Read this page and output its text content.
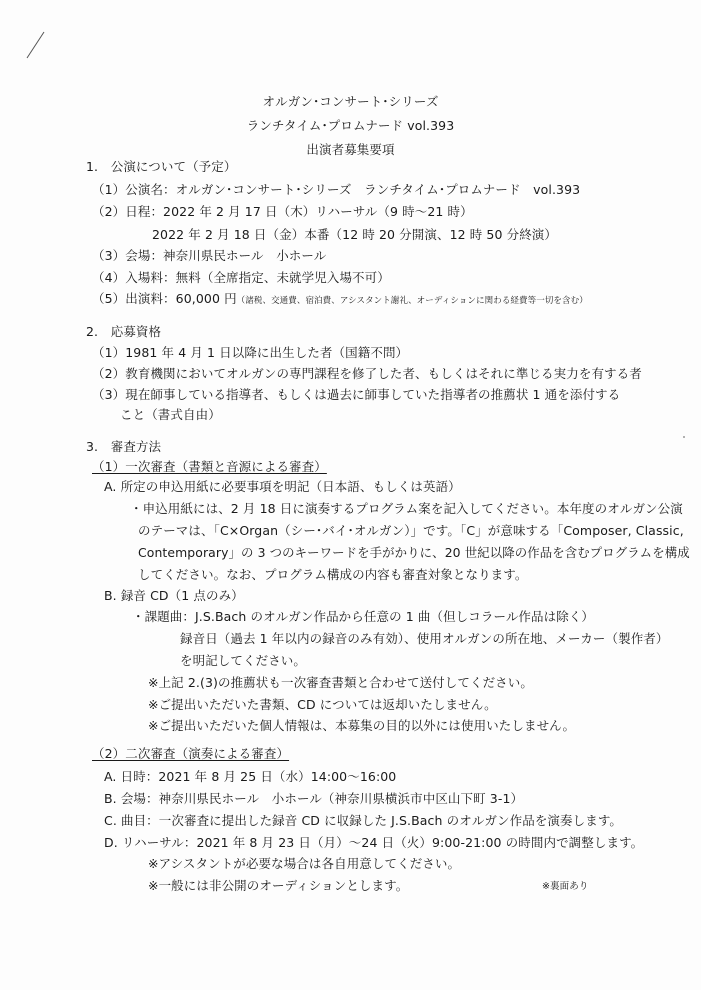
オルガン･コンサート･シリーズ
ランチタイム･プロムナード vol.393
出演者募集要項
1.　公演について（予定）
（1）公演名：オルガン･コンサート･シリーズ　ランチタイム･プロムナード　vol.393
（2）日程：2022 年 2 月 17 日（木）リハーサル（9 時～21 時）
2022 年 2 月 18 日（金）本番（12 時 20 分開演、12 時 50 分終演）
（3）会場：神奈川県民ホール　小ホール
（4）入場料：無料（全席指定、未就学児入場不可）
（5）出演料：60,000 円（諸税、交通費、宿泊費、アシスタント謝礼、オーディションに関わる経費等一切を含む）
2.　応募資格
（1）1981 年 4 月 1 日以降に出生した者（国籍不問）
（2）教育機関においてオルガンの専門課程を修了した者、もしくはそれに準じる実力を有する者
（3）現在師事している指導者、もしくは過去に師事していた指導者の推薦状 1 通を添付する
こと（書式自由）
3.　審査方法
（1）一次審査（書類と音源による審査）
A. 所定の申込用紙に必要事項を明記（日本語、もしくは英語）
・申込用紙には、2 月 18 日に演奏するプログラム案を記入してください。本年度のオルガン公演
のテーマは、「C×Organ（シー･バイ･オルガン）」です。「C」が意味する「Composer, Classic,
Contemporary」の 3 つのキーワードを手がかりに、20 世紀以降の作品を含むプログラムを構成
してください。なお、プログラム構成の内容も審査対象となります。
B. 録音 CD（1 点のみ）
・課題曲：J.S.Bach のオルガン作品から任意の 1 曲（但しコラール作品は除く）
録音日（過去 1 年以内の録音のみ有効）、使用オルガンの所在地、メーカー（製作者）
を明記してください。
※上記 2.(3)の推薦状も一次審査書類と合わせて送付してください。
※ご提出いただいた書類、CD については返却いたしません。
※ご提出いただいた個人情報は、本募集の目的以外には使用いたしません。
（2）二次審査（演奏による審査）
A. 日時：2021 年 8 月 25 日（水）14:00～16:00
B. 会場：神奈川県民ホール　小ホール（神奈川県横浜市中区山下町 3-1）
C. 曲目：一次審査に提出した録音 CD に収録した J.S.Bach のオルガン作品を演奏します。
D. リハーサル：2021 年 8 月 23 日（月）～24 日（火）9:00-21:00 の時間内で調整します。
※アシスタントが必要な場合は各自用意してください。
※一般には非公開のオーディションとします。	※裏面あり
